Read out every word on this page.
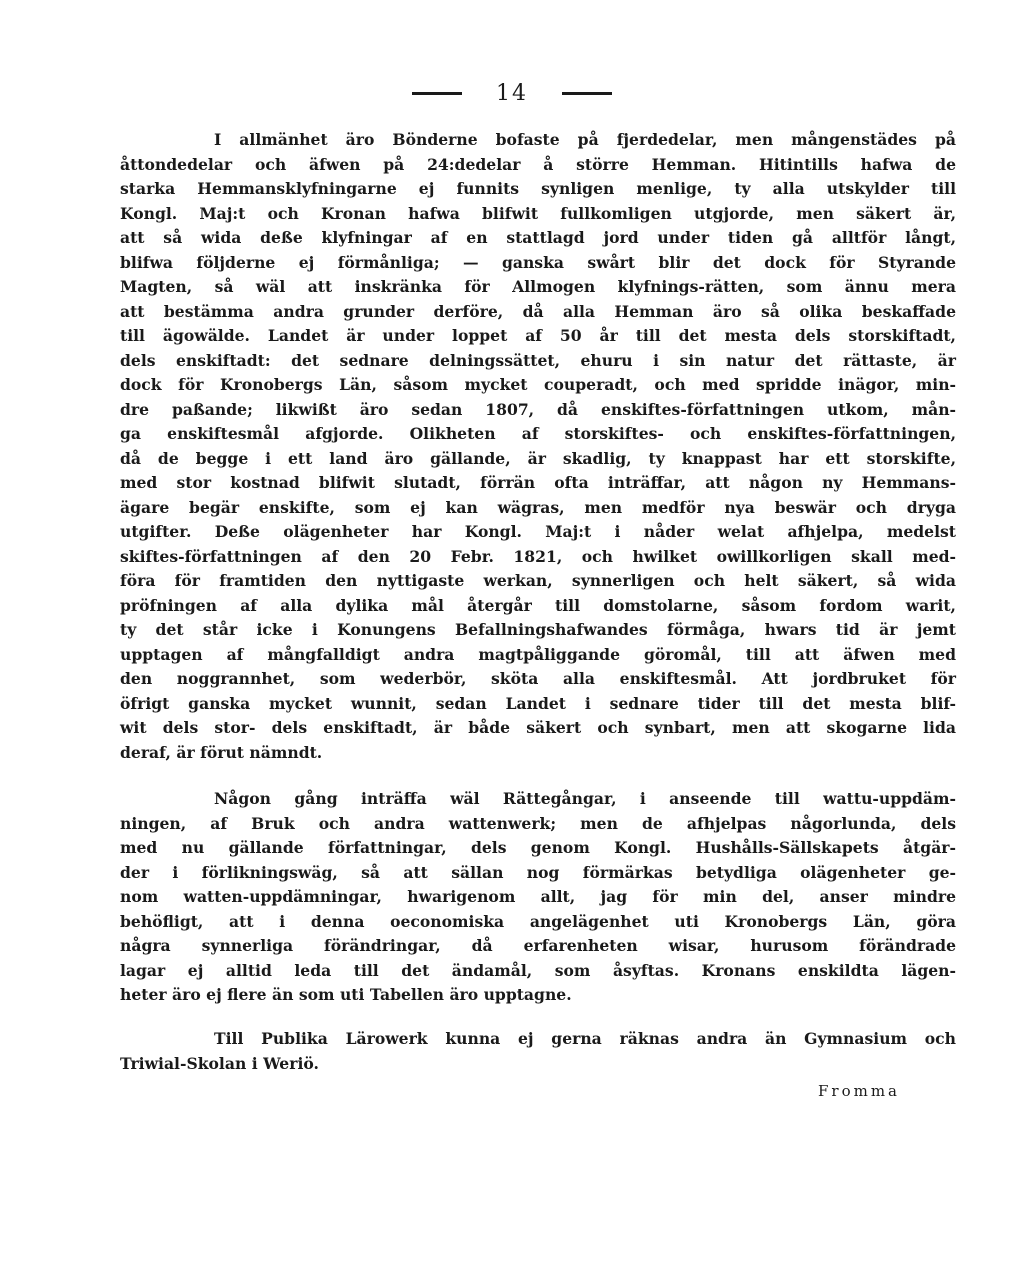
14
I allmänhet äro Bönderne bofaste på fjerdedelar, men mångenstädes på
åttondedelar och äfwen på 24:dedelar å större Hemman. Hitintills hafwa de
starka Hemmansklyfningarne ej funnits synligen menlige, ty alla utskylder till
Kongl. Maj:t och Kronan hafwa blifwit fullkomligen utgjorde, men säkert är,
att så wida deße klyfningar af en stattlagd jord under tiden gå alltför långt,
blifwa följderne ej förmånliga; — ganska swårt blir det dock för Styrande
Magten, så wäl att inskränka för Allmogen klyfnings-rätten, som ännu mera
att bestämma andra grunder derföre, då alla Hemman äro så olika beskaffade
till ägowälde. Landet är under loppet af 50 år till det mesta dels storskiftadt,
dels enskiftadt: det sednare delningssättet, ehuru i sin natur det rättaste, är
dock för Kronobergs Län, såsom mycket couperadt, och med spridde inägor, min-
dre paßande; likwißt äro sedan 1807, då enskiftes-författningen utkom, mån-
ga enskiftesmål afgjorde. Olikheten af storskiftes- och enskiftes-författningen,
då de begge i ett land äro gällande, är skadlig, ty knappast har ett storskifte,
med stor kostnad blifwit slutadt, förrän ofta inträffar, att någon ny Hemmans-
ägare begär enskifte, som ej kan wägras, men medför nya beswär och dryga
utgifter. Deße olägenheter har Kongl. Maj:t i nåder welat afhjelpa, medelst
skiftes-författningen af den 20 Febr. 1821, och hwilket owillkorligen skall med-
föra för framtiden den nyttigaste werkan, synnerligen och helt säkert, så wida
pröfningen af alla dylika mål återgår till domstolarne, såsom fordom warit,
ty det står icke i Konungens Befallningshafwandes förmåga, hwars tid är jemt
upptagen af mångfalldigt andra magtpåliggande göromål, till att äfwen med
den noggrannhet, som wederbör, sköta alla enskiftesmål. Att jordbruket för
öfrigt ganska mycket wunnit, sedan Landet i sednare tider till det mesta blif-
wit dels stor- dels enskiftadt, är både säkert och synbart, men att skogarne lida
deraf, är förut nämndt.
Någon gång inträffa wäl Rättegångar, i anseende till wattu-uppdäm-
ningen, af Bruk och andra wattenwerk; men de afhjelpas någorlunda, dels
med nu gällande författningar, dels genom Kongl. Hushålls-Sällskapets åtgär-
der i förlikningswäg, så att sällan nog förmärkas betydliga olägenheter ge-
nom watten-uppdämningar, hwarigenom allt, jag för min del, anser mindre
behöfligt, att i denna oeconomiska angelägenhet uti Kronobergs Län, göra
några synnerliga förändringar, då erfarenheten wisar, hurusom förändrade
lagar ej alltid leda till det ändamål, som åsyftas. Kronans enskildta lägen-
heter äro ej flere än som uti Tabellen äro upptagne.
Till Publika Lärowerk kunna ej gerna räknas andra än Gymnasium och
Triwial-Skolan i Weriö.
Fromma
